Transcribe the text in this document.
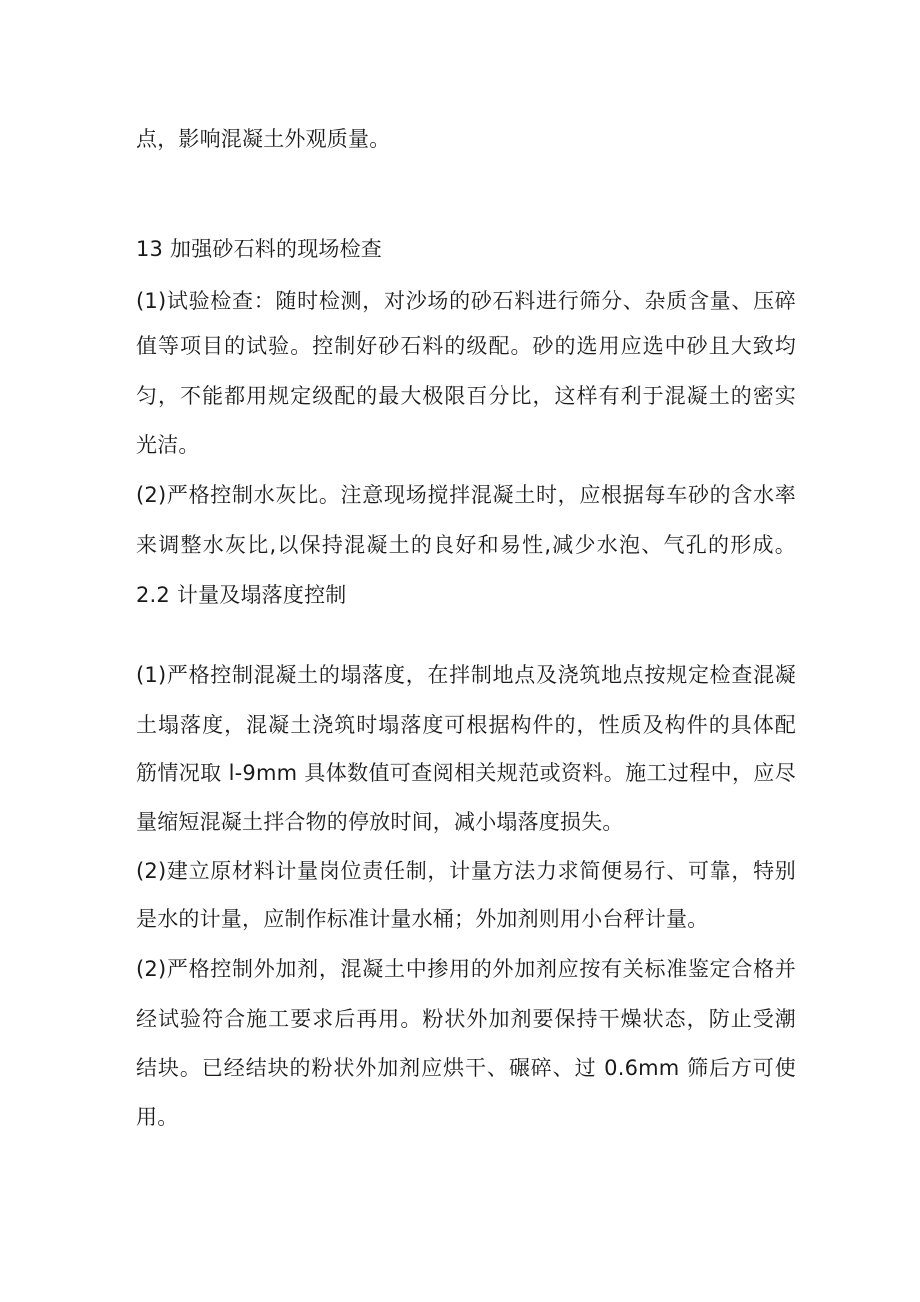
点，影响混凝土外观质量。
13 加强砂石料的现场检查
(1)试验检查：随时检测，对沙场的砂石料进行筛分、杂质含量、压碎
值等项目的试验。控制好砂石料的级配。砂的选用应选中砂且大致均
匀，不能都用规定级配的最大极限百分比，这样有利于混凝土的密实
光洁。
(2)严格控制水灰比。注意现场搅拌混凝土时，应根据每车砂的含水率
来调整水灰比,以保持混凝土的良好和易性,减少水泡、气孔的形成。
2.2 计量及塌落度控制
(1)严格控制混凝土的塌落度，在拌制地点及浇筑地点按规定检查混凝
土塌落度，混凝土浇筑时塌落度可根据构件的，性质及构件的具体配
筋情况取 l-9mm 具体数值可查阅相关规范或资料。施工过程中，应尽
量缩短混凝土拌合物的停放时间，减小塌落度损失。
(2)建立原材料计量岗位责任制，计量方法力求简便易行、可靠，特别
是水的计量，应制作标准计量水桶；外加剂则用小台秤计量。
(2)严格控制外加剂，混凝土中掺用的外加剂应按有关标准鉴定合格并
经试验符合施工要求后再用。粉状外加剂要保持干燥状态，防止受潮
结块。已经结块的粉状外加剂应烘干、碾碎、过 0.6mm 筛后方可使
用。
